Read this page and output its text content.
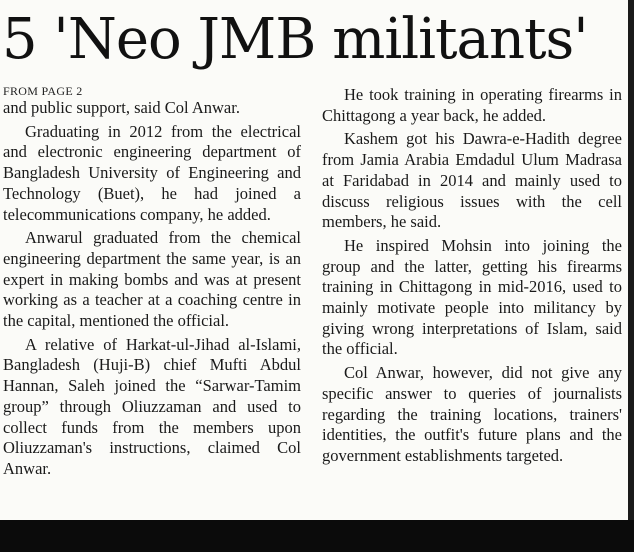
5 'Neo JMB militants'
FROM PAGE 2

and public support, said Col Anwar.

Graduating in 2012 from the electrical and electronic engineering department of Bangladesh University of Engineering and Technology (Buet), he had joined a telecommunications company, he added.

Anwarul graduated from the chemical engineering department the same year, is an expert in making bombs and was at present working as a teacher at a coaching centre in the capital, mentioned the official.

A relative of Harkat-ul-Jihad al-Islami, Bangladesh (Huji-B) chief Mufti Abdul Hannan, Saleh joined the “Sarwar-Tamim group” through Oliuzzaman and used to collect funds from the members upon Oliuzzaman's instructions, claimed Col Anwar.

He took training in operating firearms in Chittagong a year back, he added.

Kashem got his Dawra-e-Hadith degree from Jamia Arabia Emdadul Ulum Madrasa at Faridabad in 2014 and mainly used to discuss religious issues with the cell members, he said.

He inspired Mohsin into joining the group and the latter, getting his firearms training in Chittagong in mid-2016, used to mainly motivate people into militancy by giving wrong interpretations of Islam, said the official.

Col Anwar, however, did not give any specific answer to queries of journalists regarding the training locations, trainers' identities, the outfit's future plans and the government establishments targeted.
